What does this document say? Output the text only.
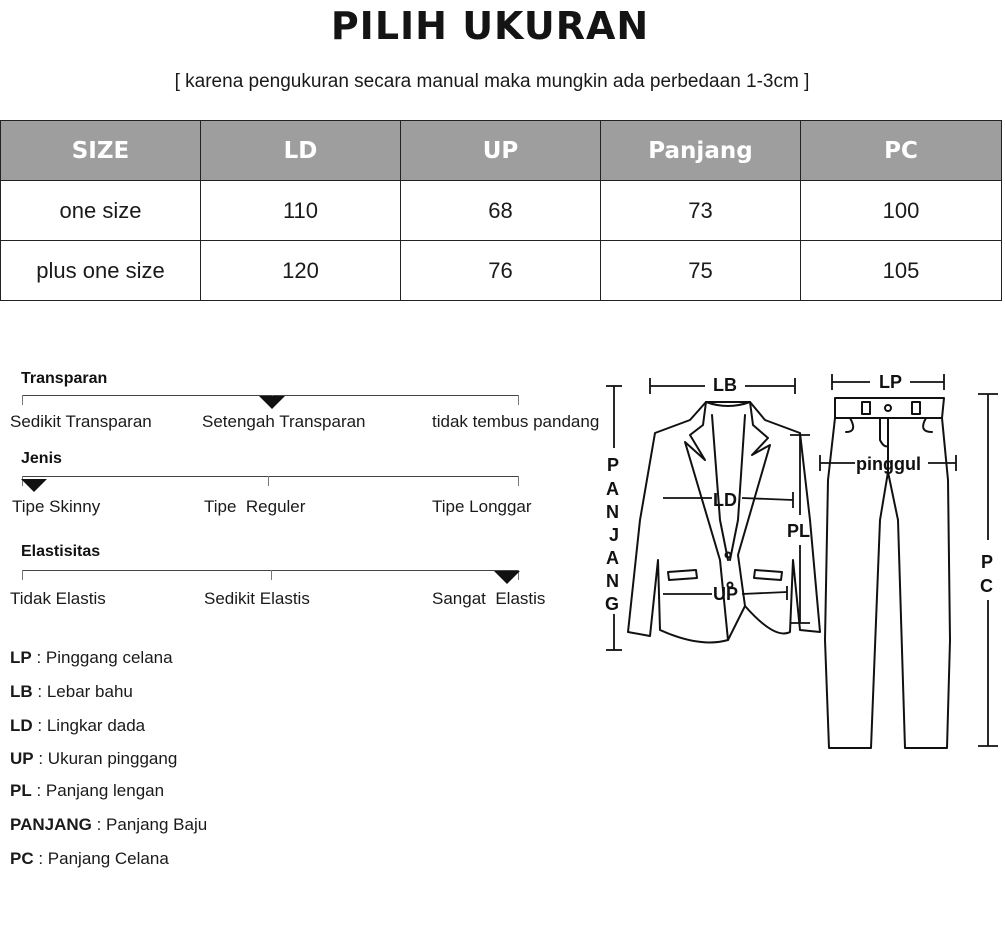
PILIH UKURAN
[ karena pengukuran secara manual maka mungkin ada perbedaan 1-3cm ]
SIZE	LD	UP	Panjang	PC
one size	110	68	73	100
plus one size	120	76	75	105
Transparan
Sedikit Transparan	Setengah Transparan	tidak tembus pandang
Jenis
Tipe Skinny	Tipe  Reguler	Tipe Longgar
Elastisitas
Tidak Elastis	Sedikit Elastis	Sangat  Elastis
LP : Pinggang celana
LB : Lebar bahu
LD : Lingkar dada
UP : Ukuran pinggang
PL : Panjang lengan
PANJANG : Panjang Baju
PC : Panjang Celana
LB	LP
LD
UP
PL
pinggul
P
A
N
J
A
N
G
P
C
